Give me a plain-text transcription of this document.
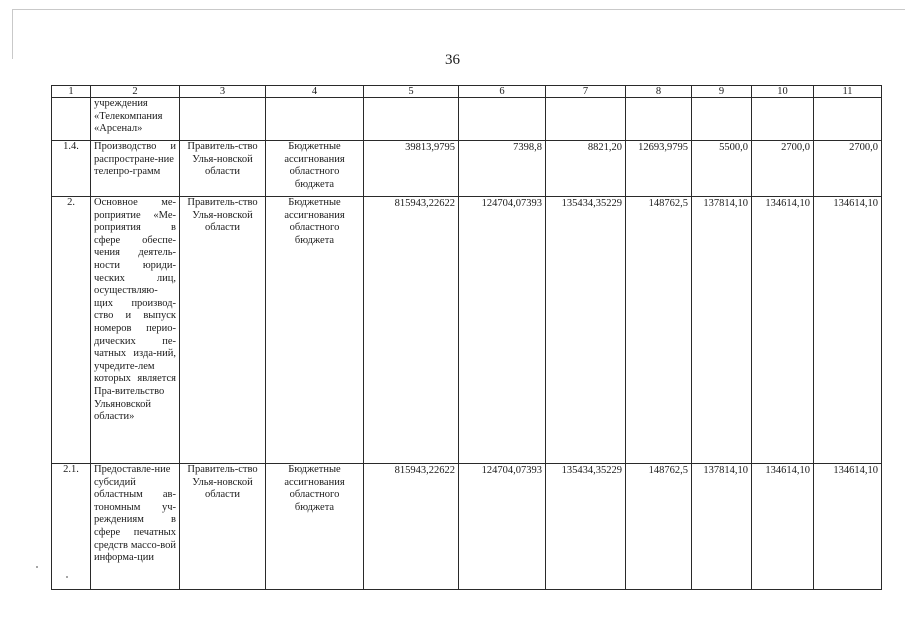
36
1	2	3	4	5	6	7	8	9	10	11
	учреждения «Телекомпания «Арсенал»									
1.4.	Производство и распростране-ние телепро-грамм	Правитель-ство Улья-новской области	Бюджетные ассигнования областного бюджета	39813,9795	7398,8	8821,20	12693,9795	5500,0	2700,0	2700,0
2.	Основное ме-роприятие «Ме-роприятия в сфере обеспе-чения деятель-ности юриди-ческих лиц, осуществляю-щих производ-ство и выпуск номеров перио-дических пе-чатных изда-ний, учредите-лем которых является Пра-вительство Ульяновской области»	Правитель-ство Улья-новской области	Бюджетные ассигнования областного бюджета	815943,22622	124704,07393	135434,35229	148762,5	137814,10	134614,10	134614,10
2.1.	Предоставле-ние субсидий областным ав-тономным уч-реждениям в сфере печатных средств массо-вой информа-ции	Правитель-ство Улья-новской области	Бюджетные ассигнования областного бюджета	815943,22622	124704,07393	135434,35229	148762,5	137814,10	134614,10	134614,10
